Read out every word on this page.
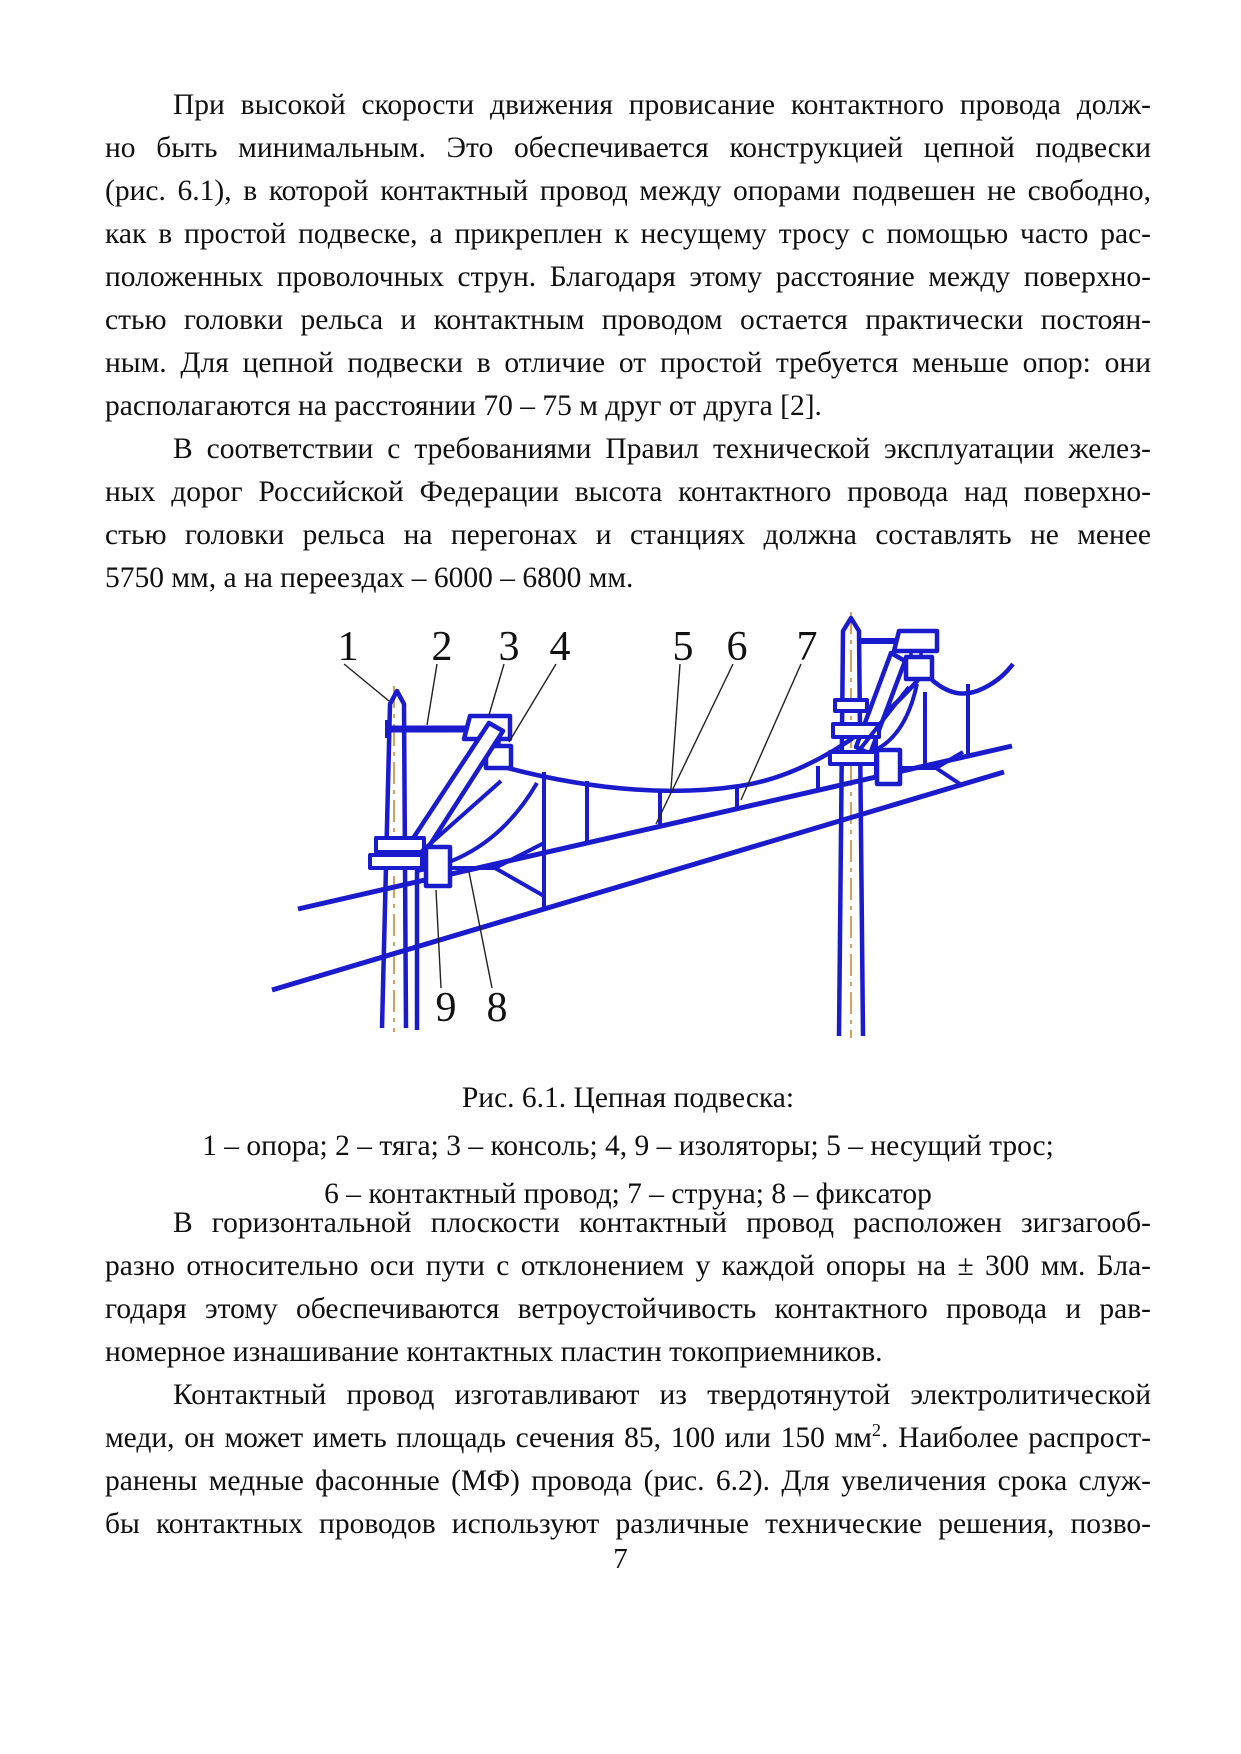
При высокой скорости движения провисание контактного провода долж-
но быть минимальным. Это обеспечивается конструкцией цепной подвески
(рис. 6.1), в которой контактный провод между опорами подвешен не свободно,
как в простой подвеске, а прикреплен к несущему тросу с помощью часто рас-
положенных проволочных струн. Благодаря этому расстояние между поверхно-
стью головки рельса и контактным проводом остается практически постоян-
ным. Для цепной подвески в отличие от простой требуется меньше опор: они
располагаются на расстоянии 70 – 75 м друг от друга [2].
В соответствии с требованиями Правил технической эксплуатации желез-
ных дорог Российской Федерации высота контактного провода над поверхно-
стью головки рельса на перегонах и станциях должна составлять не менее
5750 мм, а на переездах – 6000 – 6800 мм.
1 2 3 4 5 6 7
9 8
Рис. 6.1. Цепная подвеска:
1 – опора; 2 – тяга; 3 – консоль; 4, 9 – изоляторы; 5 – несущий трос;
6 – контактный провод; 7 – струна; 8 – фиксатор
В горизонтальной плоскости контактный провод расположен зигзагооб-
разно относительно оси пути с отклонением у каждой опоры на ± 300 мм. Бла-
годаря этому обеспечиваются ветроустойчивость контактного провода и рав-
номерное изнашивание контактных пластин токоприемников.
Контактный провод изготавливают из твердотянутой электролитической
меди, он может иметь площадь сечения 85, 100 или 150 $мм^2$. Наиболее распрост-
ранены медные фасонные (МФ) провода (рис. 6.2). Для увеличения срока служ-
бы контактных проводов используют различные технические решения, позво-
7
